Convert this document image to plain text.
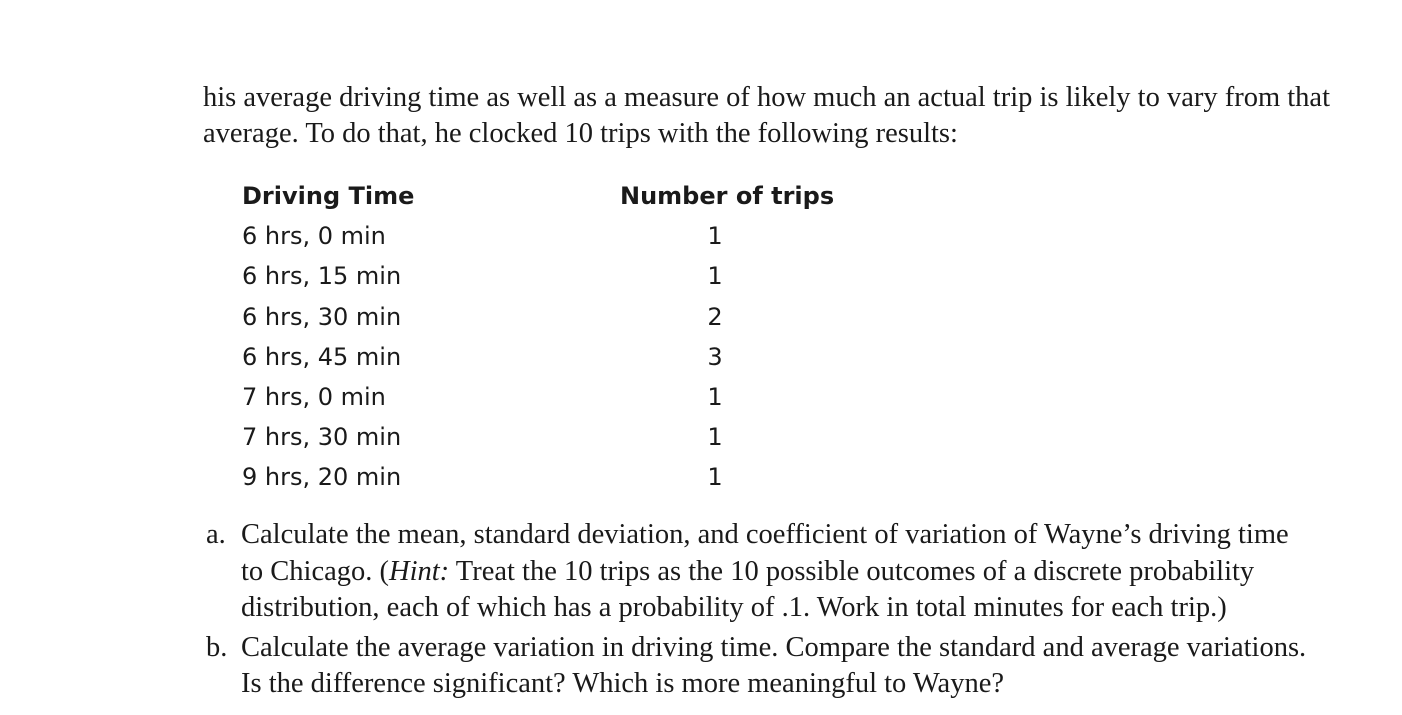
his average driving time as well as a measure of how much an actual trip is likely to vary from that

average. To do that, he clocked 10 trips with the following results:

Driving Time	Number of trips
6 hrs, 0 min	1
6 hrs, 15 min	1
6 hrs, 30 min	2
6 hrs, 45 min	3
7 hrs, 0 min	1
7 hrs, 30 min	1
9 hrs, 20 min	1
a. Calculate the mean, standard deviation, and coefficient of variation of Wayne’s driving time
to Chicago. (Hint: Treat the 10 trips as the 10 possible outcomes of a discrete probability
distribution, each of which has a probability of .1. Work in total minutes for each trip.)
b. Calculate the average variation in driving time. Compare the standard and average variations.
Is the difference significant? Which is more meaningful to Wayne?
